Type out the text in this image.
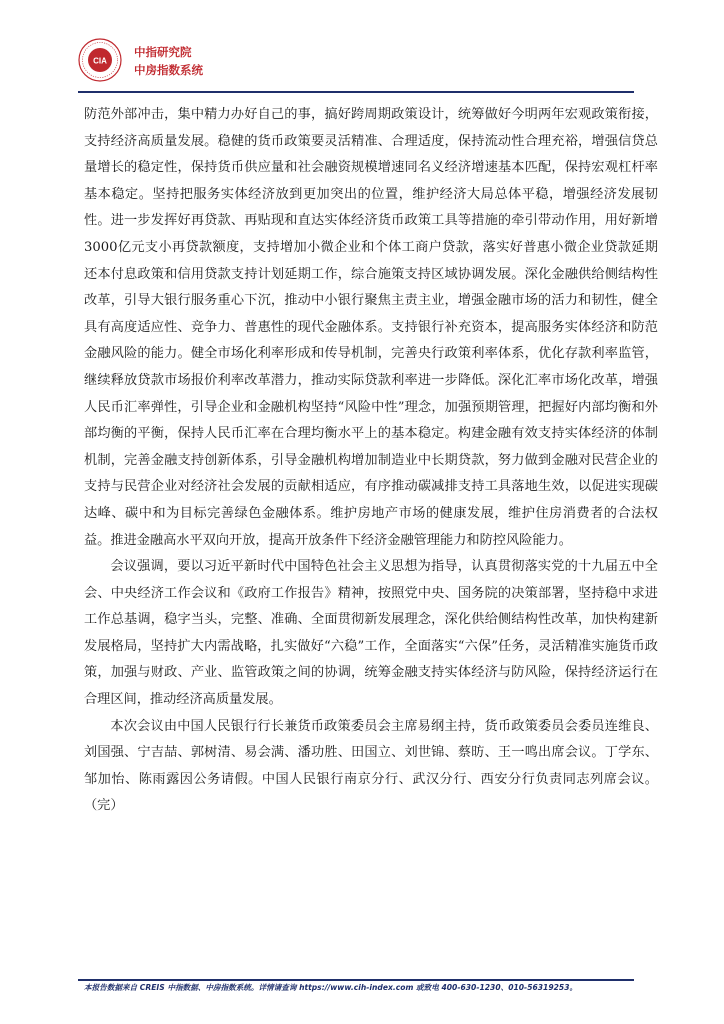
CIA
中指研究院
中房指数系统

防范外部冲击，集中精力办好自己的事，搞好跨周期政策设计，统筹做好今明两年宏观政策衔接，支持经济高质量发展。稳健的货币政策要灵活精准、合理适度，保持流动性合理充裕，增强信贷总量增长的稳定性，保持货币供应量和社会融资规模增速同名义经济增速基本匹配，保持宏观杠杆率基本稳定。坚持把服务实体经济放到更加突出的位置，维护经济大局总体平稳，增强经济发展韧性。进一步发挥好再贷款、再贴现和直达实体经济货币政策工具等措施的牵引带动作用，用好新增3000亿元支小再贷款额度，支持增加小微企业和个体工商户贷款，落实好普惠小微企业贷款延期还本付息政策和信用贷款支持计划延期工作，综合施策支持区域协调发展。深化金融供给侧结构性改革，引导大银行服务重心下沉，推动中小银行聚焦主责主业，增强金融市场的活力和韧性，健全具有高度适应性、竞争力、普惠性的现代金融体系。支持银行补充资本，提高服务实体经济和防范金融风险的能力。健全市场化利率形成和传导机制，完善央行政策利率体系，优化存款利率监管，继续释放贷款市场报价利率改革潜力，推动实际贷款利率进一步降低。深化汇率市场化改革，增强人民币汇率弹性，引导企业和金融机构坚持“风险中性”理念，加强预期管理，把握好内部均衡和外部均衡的平衡，保持人民币汇率在合理均衡水平上的基本稳定。构建金融有效支持实体经济的体制机制，完善金融支持创新体系，引导金融机构增加制造业中长期贷款，努力做到金融对民营企业的支持与民营企业对经济社会发展的贡献相适应，有序推动碳减排支持工具落地生效，以促进实现碳达峰、碳中和为目标完善绿色金融体系。维护房地产市场的健康发展，维护住房消费者的合法权益。推进金融高水平双向开放，提高开放条件下经济金融管理能力和防控风险能力。

会议强调，要以习近平新时代中国特色社会主义思想为指导，认真贯彻落实党的十九届五中全会、中央经济工作会议和《政府工作报告》精神，按照党中央、国务院的决策部署，坚持稳中求进工作总基调，稳字当头，完整、准确、全面贯彻新发展理念，深化供给侧结构性改革，加快构建新发展格局，坚持扩大内需战略，扎实做好“六稳”工作，全面落实“六保”任务，灵活精准实施货币政策，加强与财政、产业、监管政策之间的协调，统筹金融支持实体经济与防风险，保持经济运行在合理区间，推动经济高质量发展。

本次会议由中国人民银行行长兼货币政策委员会主席易纲主持，货币政策委员会委员连维良、刘国强、宁吉喆、郭树清、易会满、潘功胜、田国立、刘世锦、蔡昉、王一鸣出席会议。丁学东、邹加怡、陈雨露因公务请假。中国人民银行南京分行、武汉分行、西安分行负责同志列席会议。（完）

本报告数据来自 CREIS 中指数据、中房指数系统。详情请查询 https://www.cih-index.com 或致电 400-630-1230、010-56319253。
